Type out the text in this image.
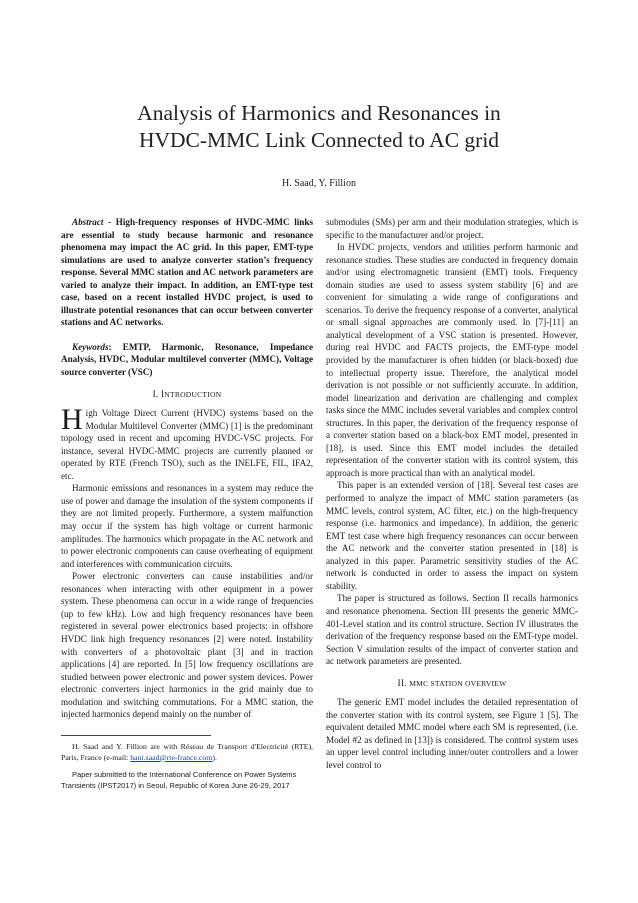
Analysis of Harmonics and Resonances in
HVDC-MMC Link Connected to AC grid
H. Saad, Y. Fillion

Abstract - High-frequency responses of HVDC-MMC links are essential to study because harmonic and resonance phenomena may impact the AC grid. In this paper, EMT-type simulations are used to analyze converter station’s frequency response. Several MMC station and AC network parameters are varied to analyze their impact. In addition, an EMT-type test case, based on a recent installed HVDC project, is used to illustrate potential resonances that can occur between converter stations and AC networks.

Keywords: EMTP, Harmonic, Resonance, Impedance Analysis, HVDC, Modular multilevel converter (MMC), Voltage source converter (VSC)

I. INTRODUCTION

High Voltage Direct Current (HVDC) systems based on the Modular Multilevel Converter (MMC) [1] is the predominant topology used in recent and upcoming HVDC-VSC projects. For instance, several HVDC-MMC projects are currently planned or operated by RTE (French TSO), such as the INELFE, FIL, IFA2, etc.

Harmonic emissions and resonances in a system may reduce the use of power and damage the insulation of the system components if they are not limited properly. Furthermore, a system malfunction may occur if the system has high voltage or current harmonic amplitudes. The harmonics which propagate in the AC network and to power electronic components can cause overheating of equipment and interferences with communication circuits.

Power electronic converters can cause instabilities and/or resonances when interacting with other equipment in a power system. These phenomena can occur in a wide range of frequencies (up to few kHz). Low and high frequency resonances have been registered in several power electronics based projects: in offshore HVDC link high frequency resonances [2] were noted. Instability with converters of a photovoltaic plant [3] and in traction applications [4] are reported. In [5] low frequency oscillations are studied between power electronic and power system devices. Power electronic converters inject harmonics in the grid mainly due to modulation and switching commutations. For a MMC station, the injected harmonics depend mainly on the number of

H. Saad and Y. Fillion are with Réseau de Transport d'Electricité (RTE), Paris, France (e-mail: hani.saad@rte-france.com).

Paper submitted to the International Conference on Power Systems Transients (IPST2017) in Seoul, Republic of Korea June 26-29, 2017

submodules (SMs) per arm and their modulation strategies, which is specific to the manufacturer and/or project.

In HVDC projects, vendors and utilities perform harmonic and resonance studies. These studies are conducted in frequency domain and/or using electromagnetic transient (EMT) tools. Frequency domain studies are used to assess system stability [6] and are convenient for simulating a wide range of configurations and scenarios. To derive the frequency response of a converter, analytical or small signal approaches are commonly used. In [7]-[11] an analytical development of a VSC station is presented. However, during real HVDC and FACTS projects, the EMT-type model provided by the manufacturer is often hidden (or black-boxed) due to intellectual property issue. Therefore, the analytical model derivation is not possible or not sufficiently accurate. In addition, model linearization and derivation are challenging and complex tasks since the MMC includes several variables and complex control structures. In this paper, the derivation of the frequency response of a converter station based on a black-box EMT model, presented in [18], is used. Since this EMT model includes the detailed representation of the converter station with its control system, this approach is more practical than with an analytical model.

This paper is an extended version of [18]. Several test cases are performed to analyze the impact of MMC station parameters (as MMC levels, control system, AC filter, etc.) on the high-frequency response (i.e. harmonics and impedance). In addition, the generic EMT test case where high frequency resonances can occur between the AC network and the converter station presented in [18] is analyzed in this paper. Parametric sensitivity studies of the AC network is conducted in order to assess the impact on system stability.

The paper is structured as follows. Section II recalls harmonics and resonance phenomena. Section III presents the generic MMC-401-Level station and its control structure. Section IV illustrates the derivation of the frequency response based on the EMT-type model. Section V simulation results of the impact of converter station and ac network parameters are presented.

II. MMC STATION OVERVIEW

The generic EMT model includes the detailed representation of the converter station with its control system, see Figure 1 [5]. The equivalent detailed MMC model where each SM is represented, (i.e. Model #2 as defined in [13]) is considered. The control system uses an upper level control including inner/outer controllers and a lower level control to
